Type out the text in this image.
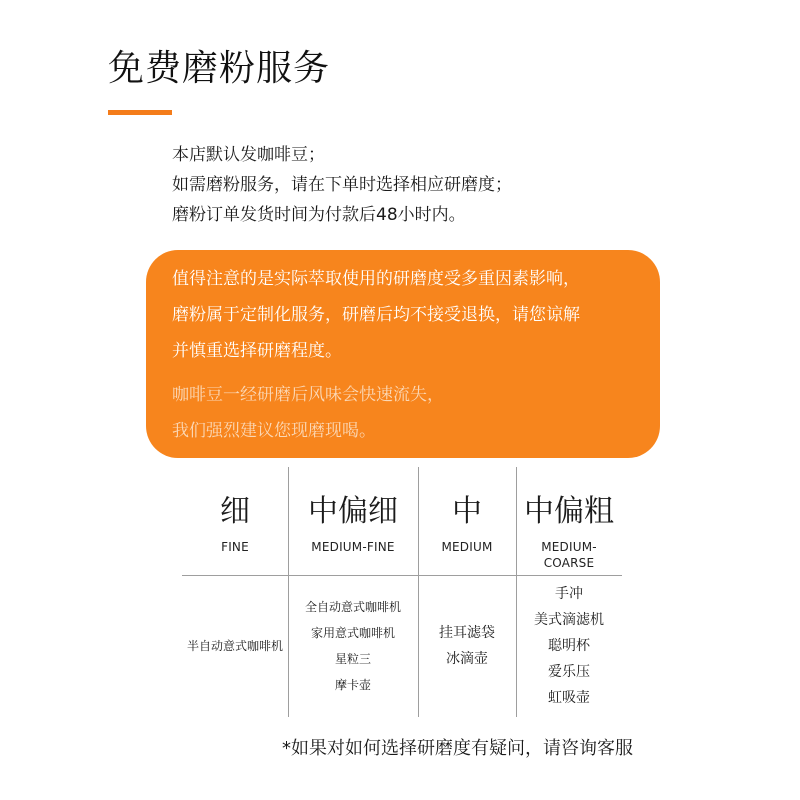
免费磨粉服务
本店默认发咖啡豆；
如需磨粉服务，请在下单时选择相应研磨度；
磨粉订单发货时间为付款后48小时内。
值得注意的是实际萃取使用的研磨度受多重因素影响，
磨粉属于定制化服务，研磨后均不接受退换，请您谅解
并慎重选择研磨程度。
咖啡豆一经研磨后风味会快速流失，
我们强烈建议您现磨现喝。
细
FINE
中偏细
MEDIUM-FINE
中
MEDIUM
中偏粗
MEDIUM-COARSE
半自动意式咖啡机
全自动意式咖啡机
家用意式咖啡机
星粒三
摩卡壶
挂耳滤袋
冰滴壶
手冲
美式滴滤机
聪明杯
爱乐压
虹吸壶
*如果对如何选择研磨度有疑问，请咨询客服
